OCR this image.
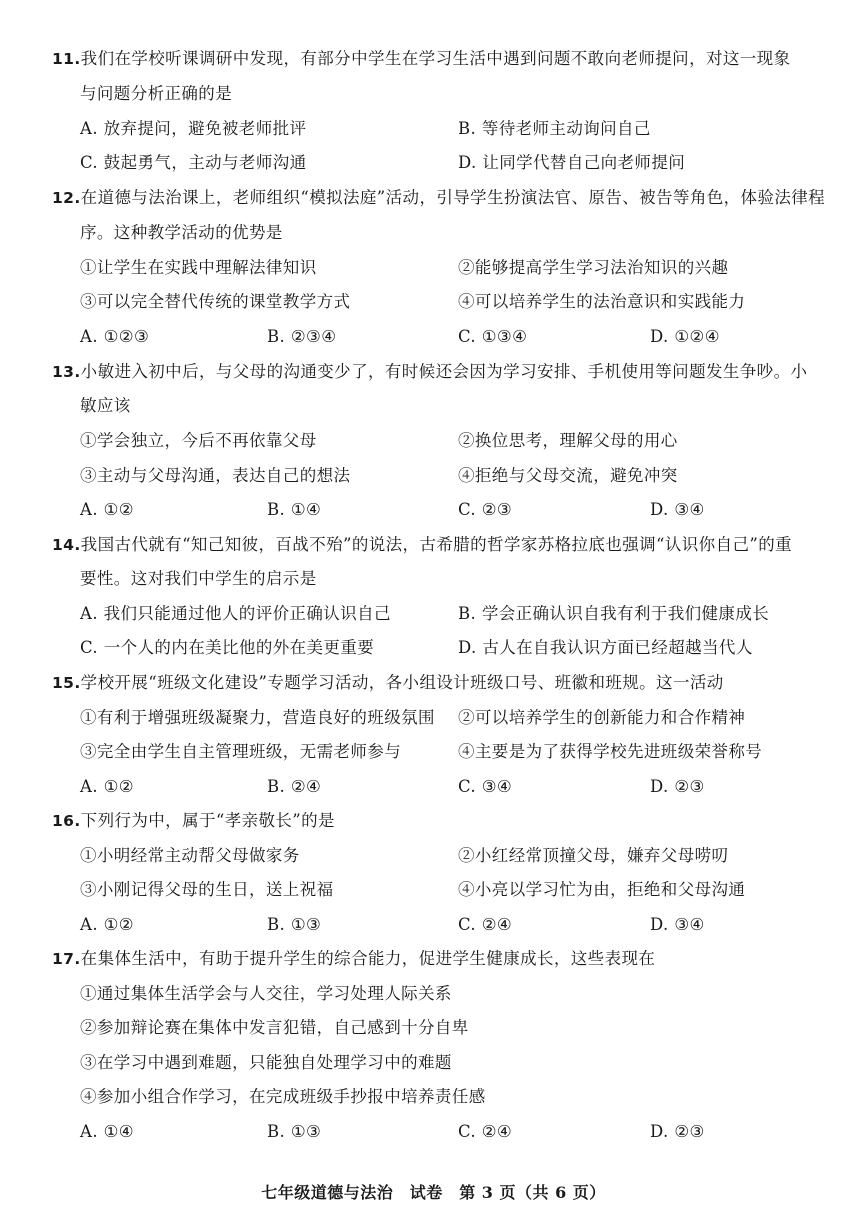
11.我们在学校听课调研中发现，有部分中学生在学习生活中遇到问题不敢向老师提问，对这一现象
与问题分析正确的是
A. 放弃提问，避免被老师批评	B. 等待老师主动询问自己
C. 鼓起勇气，主动与老师沟通	D. 让同学代替自己向老师提问
12.在道德与法治课上，老师组织“模拟法庭”活动，引导学生扮演法官、原告、被告等角色，体验法律程
序。这种教学活动的优势是
①让学生在实践中理解法律知识	②能够提高学生学习法治知识的兴趣
③可以完全替代传统的课堂教学方式	④可以培养学生的法治意识和实践能力
A. ①②③	B. ②③④	C. ①③④	D. ①②④
13.小敏进入初中后，与父母的沟通变少了，有时候还会因为学习安排、手机使用等问题发生争吵。小
敏应该
①学会独立，今后不再依靠父母	②换位思考，理解父母的用心
③主动与父母沟通，表达自己的想法	④拒绝与父母交流，避免冲突
A. ①②	B. ①④	C. ②③	D. ③④
14.我国古代就有“知己知彼，百战不殆”的说法，古希腊的哲学家苏格拉底也强调“认识你自己”的重
要性。这对我们中学生的启示是
A. 我们只能通过他人的评价正确认识自己	B. 学会正确认识自我有利于我们健康成长
C. 一个人的内在美比他的外在美更重要	D. 古人在自我认识方面已经超越当代人
15.学校开展“班级文化建设”专题学习活动，各小组设计班级口号、班徽和班规。这一活动
①有利于增强班级凝聚力，营造良好的班级氛围 ②可以培养学生的创新能力和合作精神
③完全由学生自主管理班级，无需老师参与	④主要是为了获得学校先进班级荣誉称号
A. ①②	B. ②④	C. ③④	D. ②③
16.下列行为中，属于“孝亲敬长”的是
①小明经常主动帮父母做家务	②小红经常顶撞父母，嫌弃父母唠叨
③小刚记得父母的生日，送上祝福	④小亮以学习忙为由，拒绝和父母沟通
A. ①②	B. ①③	C. ②④	D. ③④
17.在集体生活中，有助于提升学生的综合能力，促进学生健康成长，这些表现在
①通过集体生活学会与人交往，学习处理人际关系
②参加辩论赛在集体中发言犯错，自己感到十分自卑
③在学习中遇到难题，只能独自处理学习中的难题
④参加小组合作学习，在完成班级手抄报中培养责任感
A. ①④	B. ①③	C. ②④	D. ②③
七年级道德与法治　试卷　第 3 页（共 6 页）
